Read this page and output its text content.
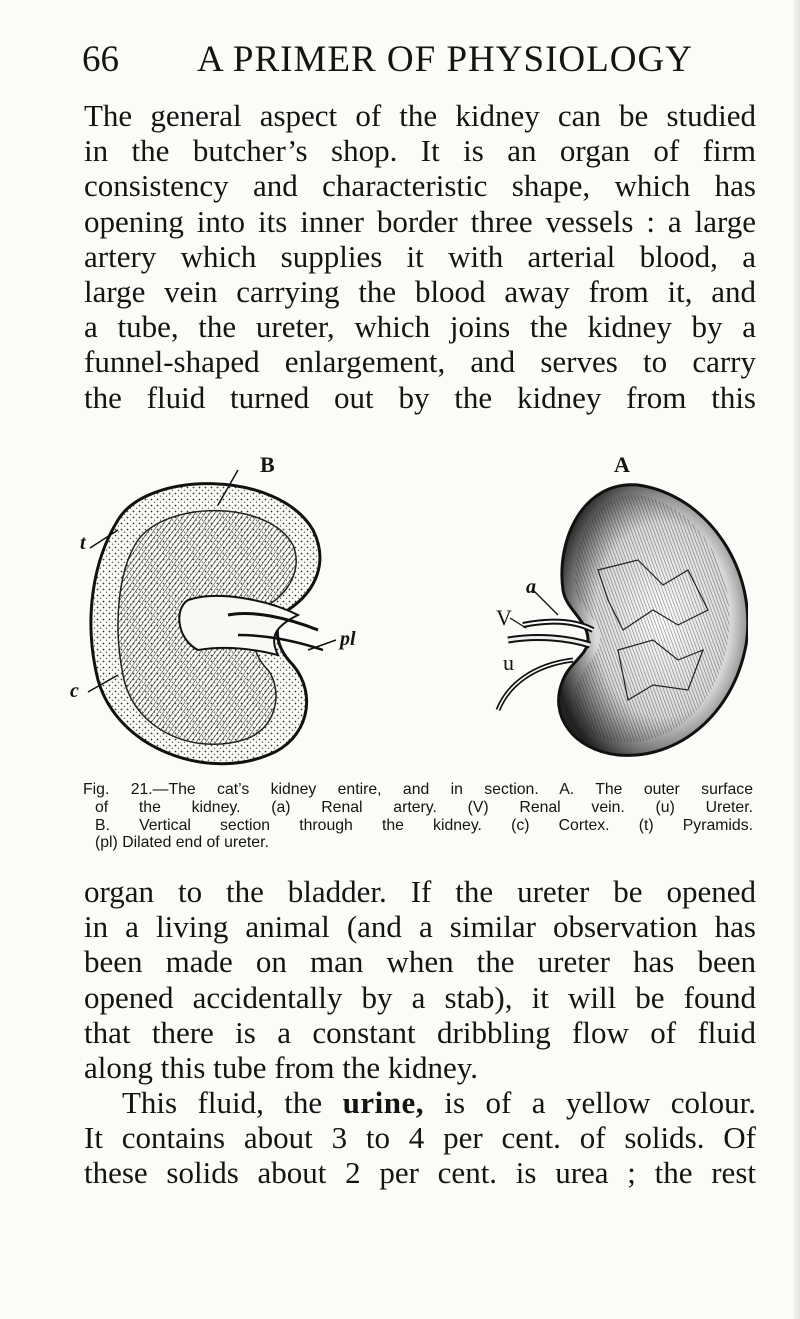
66 A PRIMER OF PHYSIOLOGY
The general aspect of the kidney can be studied
in the butcher’s shop. It is an organ of firm
consistency and characteristic shape, which has
opening into its inner border three vessels : a large
artery which supplies it with arterial blood, a
large vein carrying the blood away from it, and
a tube, the ureter, which joins the kidney by a
funnel-shaped enlargement, and serves to carry
the fluid turned out by the kidney from this
B	A
t
c
pl
a
V
u
Fig. 21.—The cat’s kidney entire, and in section. A. The outer surface
of the kidney. (a) Renal artery. (V) Renal vein. (u) Ureter.
B. Vertical section through the kidney. (c) Cortex. (t) Pyramids.
(pl) Dilated end of ureter.
organ to the bladder. If the ureter be opened
in a living animal (and a similar observation has
been made on man when the ureter has been
opened accidentally by a stab), it will be found
that there is a constant dribbling flow of fluid
along this tube from the kidney.
This fluid, the urine, is of a yellow colour.
It contains about 3 to 4 per cent. of solids. Of
these solids about 2 per cent. is urea ; the rest
